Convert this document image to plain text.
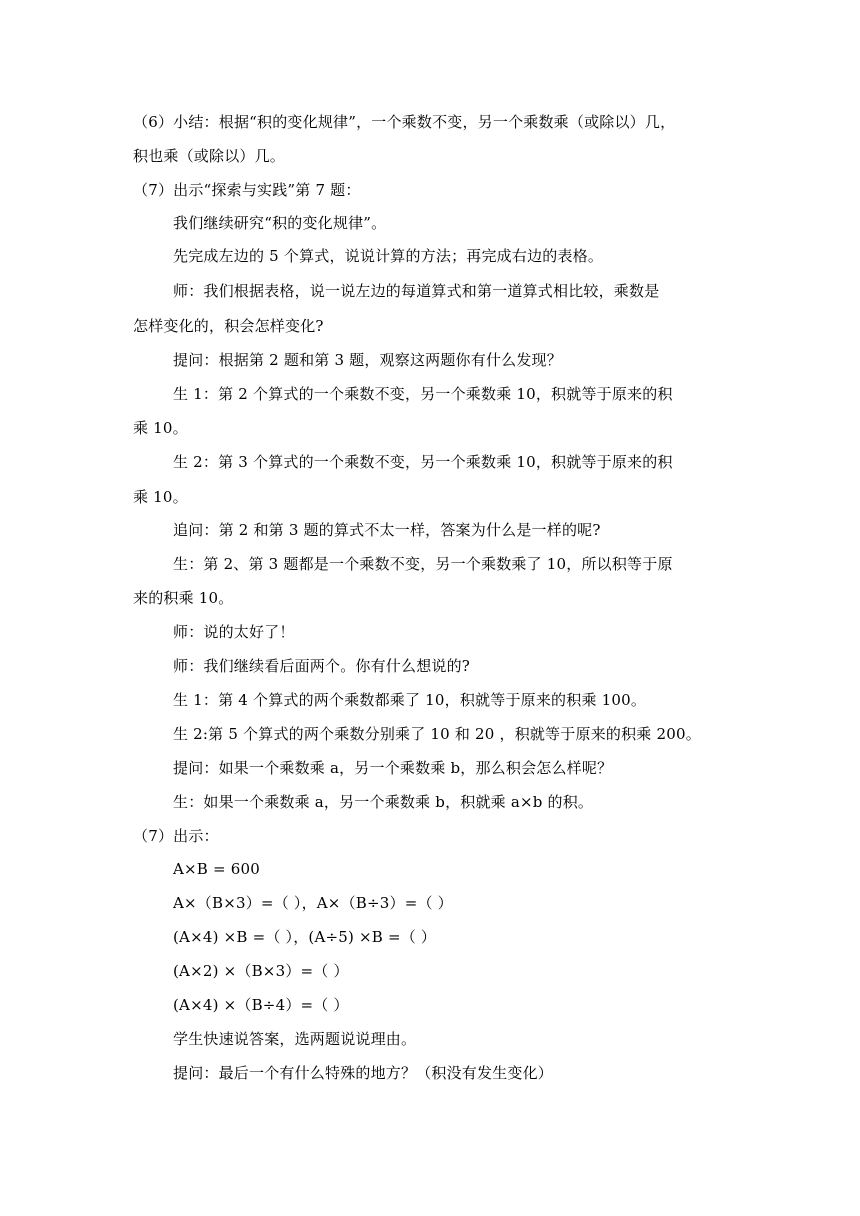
（6）小结：根据“积的变化规律”，一个乘数不变，另一个乘数乘（或除以）几，
积也乘（或除以）几。
（7）出示“探索与实践”第 7 题：
我们继续研究“积的变化规律”。
先完成左边的 5 个算式，说说计算的方法；再完成右边的表格。
师：我们根据表格，说一说左边的每道算式和第一道算式相比较，乘数是
怎样变化的，积会怎样变化?
提问：根据第 2 题和第 3 题，观察这两题你有什么发现？
生 1：第 2 个算式的一个乘数不变，另一个乘数乘 10，积就等于原来的积
乘 10。
生 2：第 3 个算式的一个乘数不变，另一个乘数乘 10，积就等于原来的积
乘 10。
追问：第 2 和第 3 题的算式不太一样，答案为什么是一样的呢?
生：第 2、第 3 题都是一个乘数不变，另一个乘数乘了 10，所以积等于原
来的积乘 10。
师：说的太好了！
师：我们继续看后面两个。你有什么想说的?
生 1：第 4 个算式的两个乘数都乘了 10，积就等于原来的积乘 100。
生 2:第 5 个算式的两个乘数分别乘了 10 和 20 ，积就等于原来的积乘 200。
提问：如果一个乘数乘 a，另一个乘数乘 b，那么积会怎么样呢？
生：如果一个乘数乘 a，另一个乘数乘 b，积就乘 a×b 的积。
（7）出示：
A×B = 600
A×（B×3）=（ ），A×（B÷3）=（ ）
(A×4) ×B =（ ），(A÷5) ×B =（ ）
(A×2) ×（B×3）=（ ）
(A×4) ×（B÷4）=（ ）
学生快速说答案，选两题说说理由。
提问：最后一个有什么特殊的地方？（积没有发生变化）
